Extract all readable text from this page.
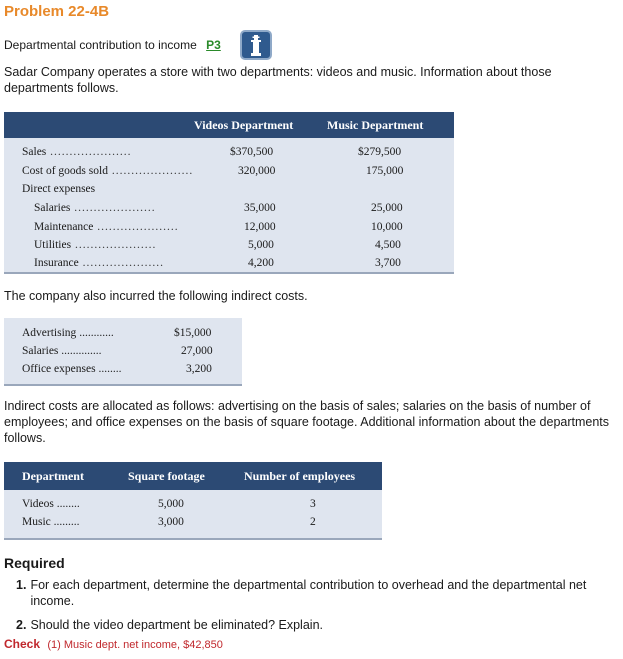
Problem 22-4B
Departmental contribution to income P3
Sadar Company operates a store with two departments: videos and music. Information about those departments follows.
Videos Department	Music Department
Sales .....	$370,500	$279,500
Cost of goods sold .....	320,000	175,000
Direct expenses
Salaries .....	35,000	25,000
Maintenance .....	12,000	10,000
Utilities .....	5,000	4,500
Insurance .....	4,200	3,700
The company also incurred the following indirect costs.
Advertising ............	$15,000
Salaries ..............	27,000
Office expenses ........	3,200
Indirect costs are allocated as follows: advertising on the basis of sales; salaries on the basis of number of employees; and office expenses on the basis of square footage. Additional information about the departments follows.
Department	Square footage	Number of employees
Videos ........	5,000	3
Music .........	3,000	2
Required
1. For each department, determine the departmental contribution to overhead and the departmental net income.
2. Should the video department be eliminated? Explain.
Check (1) Music dept. net income, $42,850
